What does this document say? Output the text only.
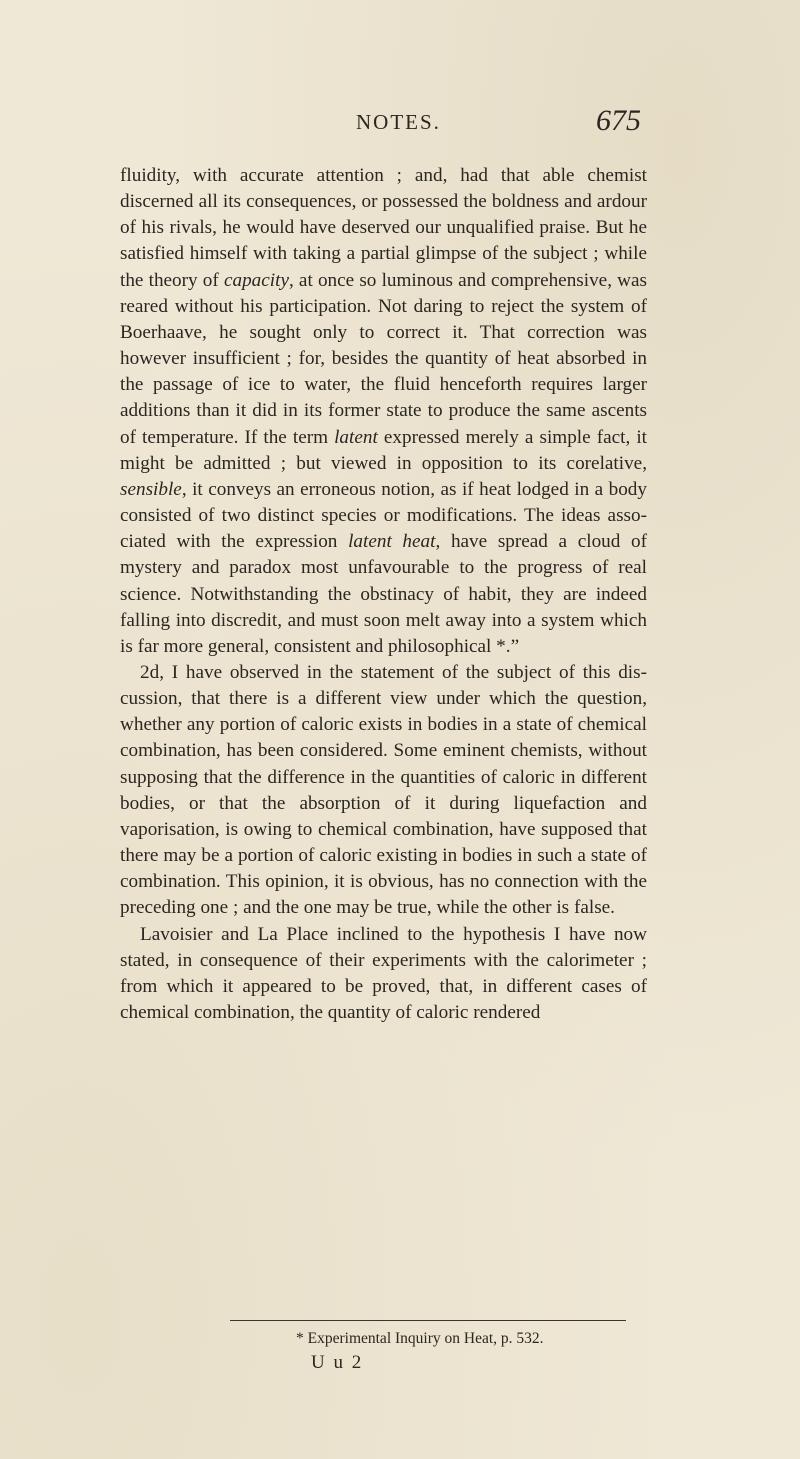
NOTES.	675

fluidity, with accurate attention ; and, had that able chemist discerned all its consequences, or possessed the boldness and ardour of his rivals, he would have deserved our unqualified praise. But he satisfied himself with taking a partial glimpse of the subject ; while the theory of capacity, at once so luminous and comprehensive, was reared without his participation. Not daring to reject the system of Boerhaave, he sought only to correct it. That correction was however insufficient ; for, besides the quantity of heat absorbed in the passage of ice to water, the fluid henceforth requires larger additions than it did in its former state to produce the same ascents of temperature. If the term latent expressed merely a simple fact, it might be admitted ; but viewed in opposition to its corelative, sensible, it conveys an erroneous notion, as if heat lodged in a body consisted of two distinct species or modifications. The ideas associated with the expression latent heat, have spread a cloud of mystery and paradox most unfavourable to the progress of real science. Notwithstanding the obstinacy of habit, they are indeed falling into discredit, and must soon melt away into a system which is far more general, consistent and philosophical *.”

2d, I have observed in the statement of the subject of this discussion, that there is a different view under which the question, whether any portion of caloric exists in bodies in a state of chemical combination, has been considered. Some eminent chemists, without supposing that the difference in the quantities of caloric in different bodies, or that the absorption of it during liquefaction and vaporisation, is owing to chemical combination, have supposed that there may be a portion of caloric existing in bodies in such a state of combination. This opinion, it is obvious, has no connection with the preceding one ; and the one may be true, while the other is false.

Lavoisier and La Place inclined to the hypothesis I have now stated, in consequence of their experiments with the calorimeter ; from which it appeared to be proved, that, in different cases of chemical combination, the quantity of caloric rendered

* Experimental Inquiry on Heat, p. 532.
U u 2
